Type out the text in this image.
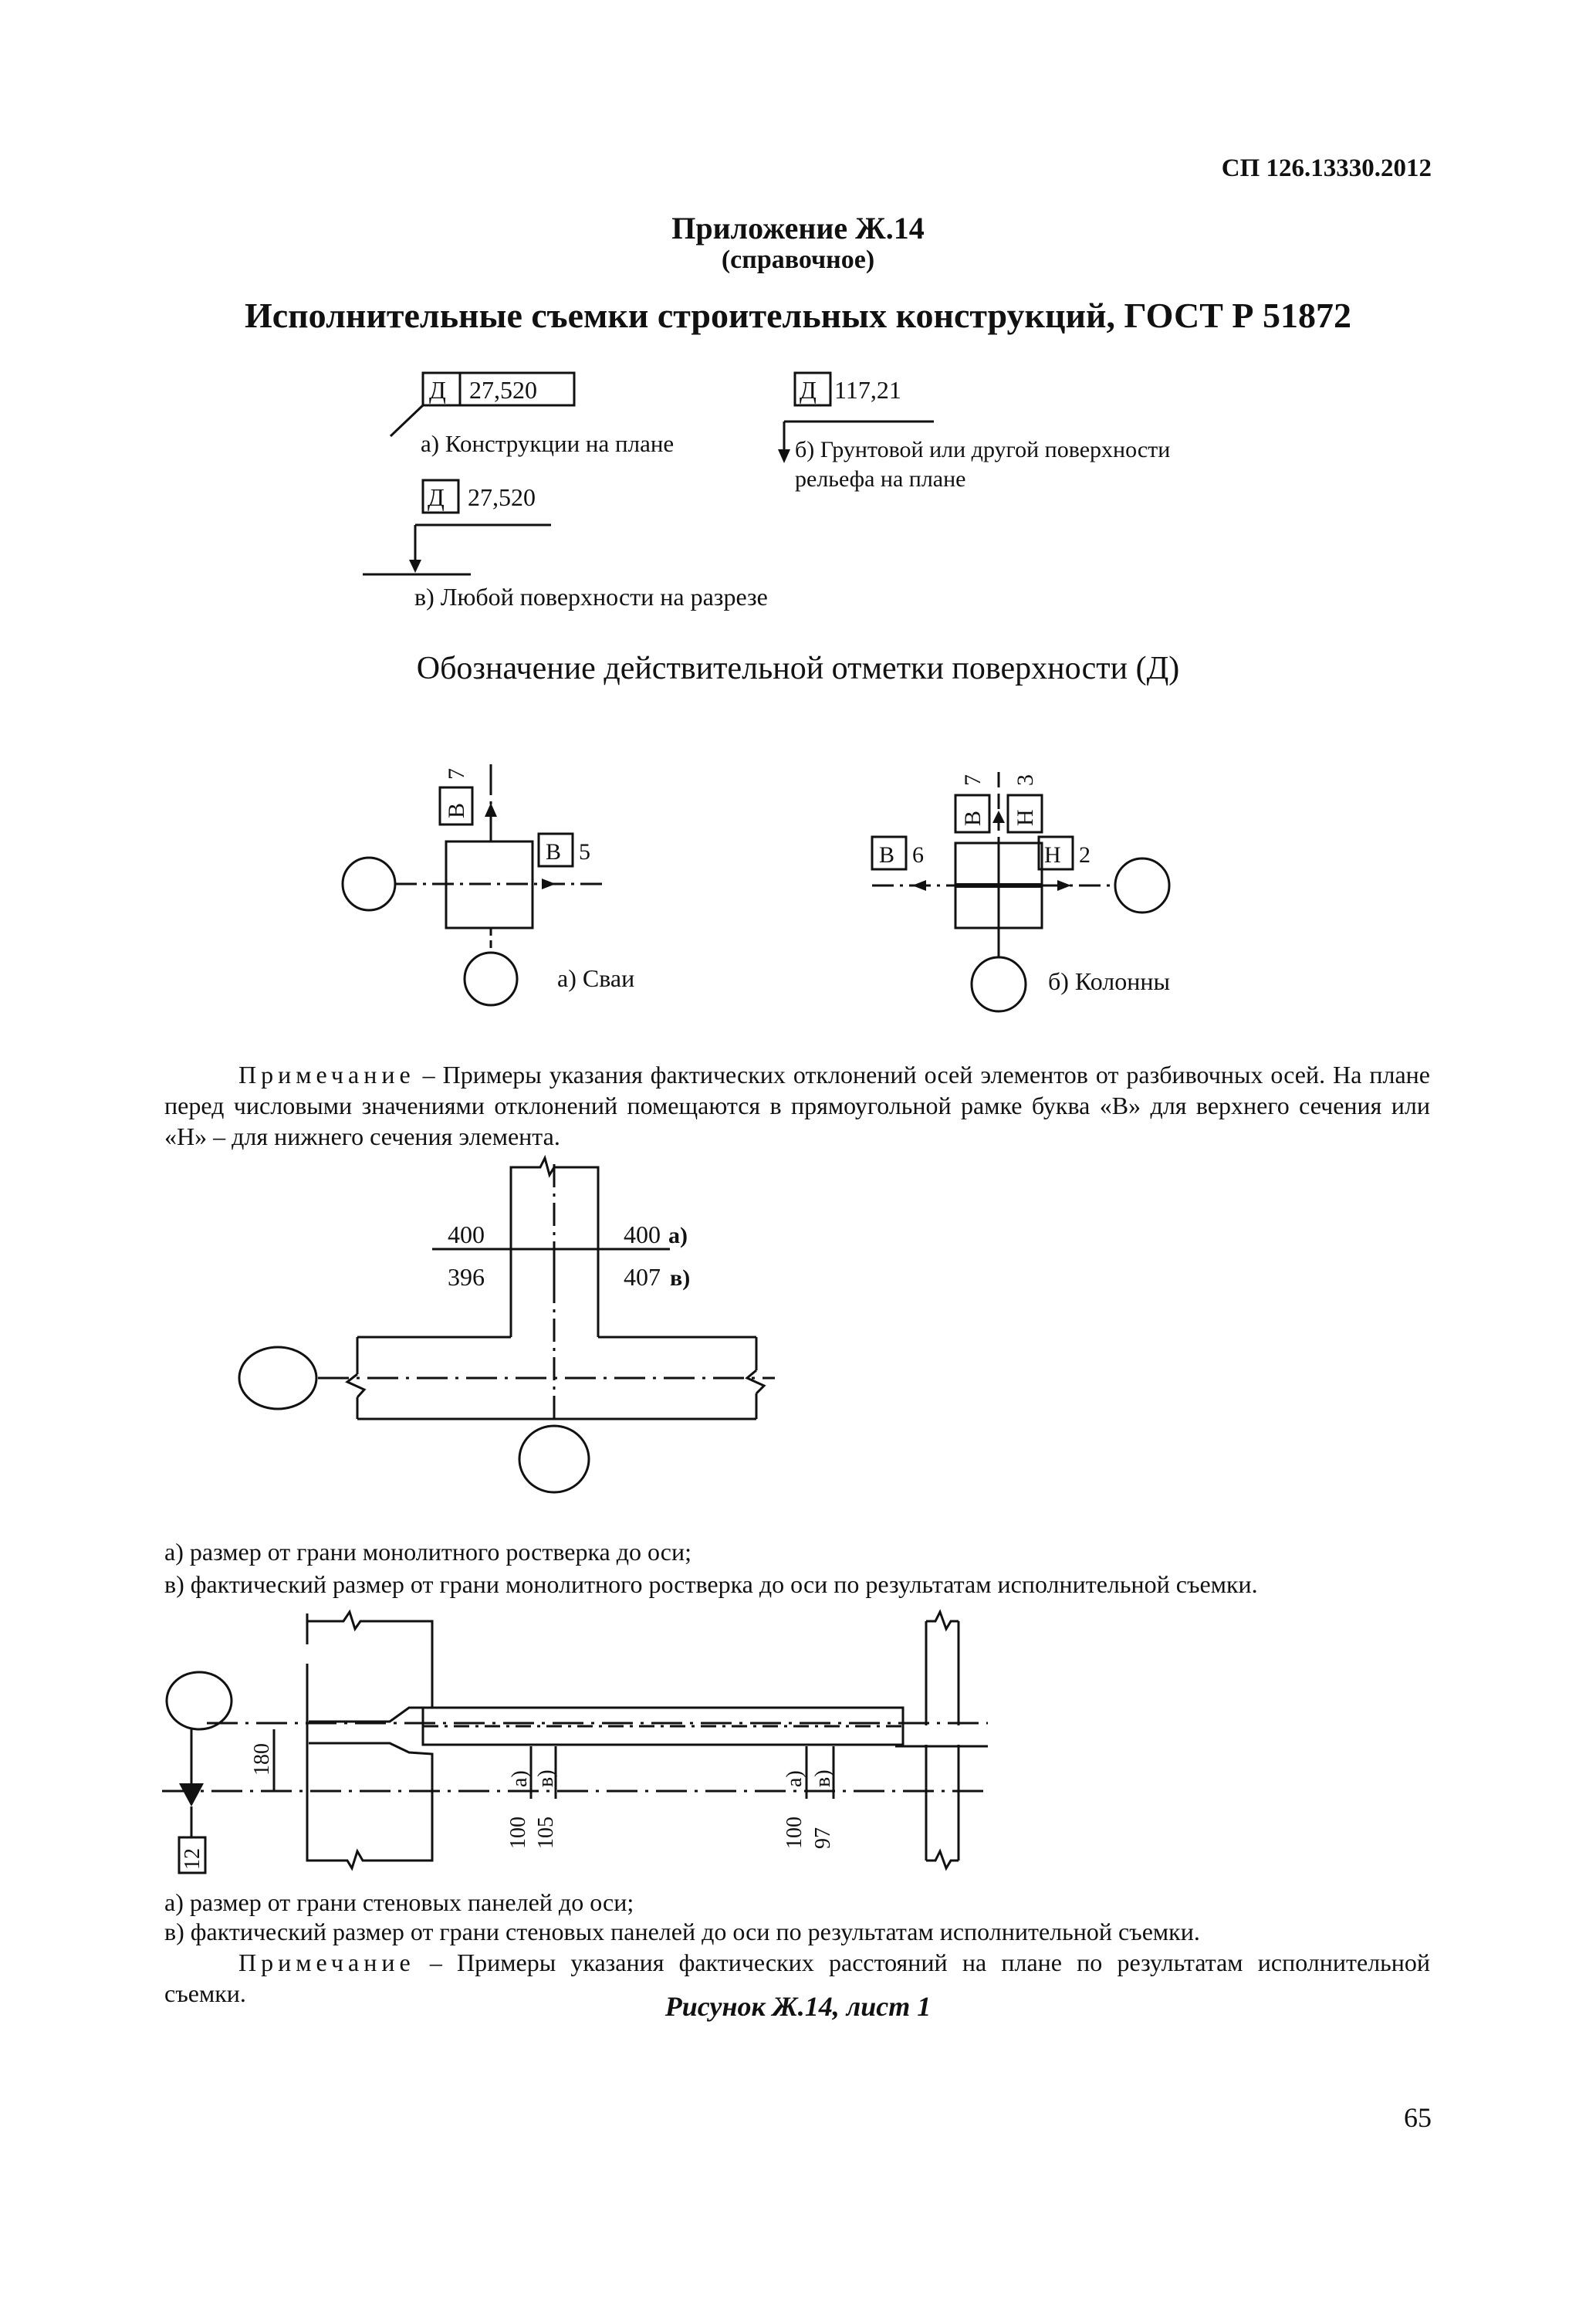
СП 126.13330.2012
Приложение Ж.14
(справочное)
Исполнительные съемки строительных конструкций, ГОСТ Р 51872
Д 27,520
а) Конструкции на плане
Д 117,21
б) Грунтовой или другой поверхности
рельефа на плане
Д 27,520
в) Любой поверхности на разрезе
В
7
В 5
а) Сваи
В
7
Н
3
В 6	Н 2
б) Колонны
400
396
400
407
а)
в)
12
180
а) в)
100 105
а) в)
100 97
Обозначение действительной отметки поверхности (Д)
Примечание – Примеры указания фактических отклонений осей элементов от разбивочных осей. На плане перед числовыми значениями отклонений помещаются в прямоугольной рамке буква «В» для верхнего сечения или «Н» – для нижнего сечения элемента.
а) размер от грани монолитного ростверка до оси;
в) фактический размер от грани монолитного ростверка до оси по результатам исполнительной съемки.
а) размер от грани стеновых панелей до оси;
в) фактический размер от грани стеновых панелей до оси по результатам исполнительной съемки.
Примечание – Примеры указания фактических расстояний на плане по результатам исполнительной съемки.	Рисунок Ж.14, лист 1
65
